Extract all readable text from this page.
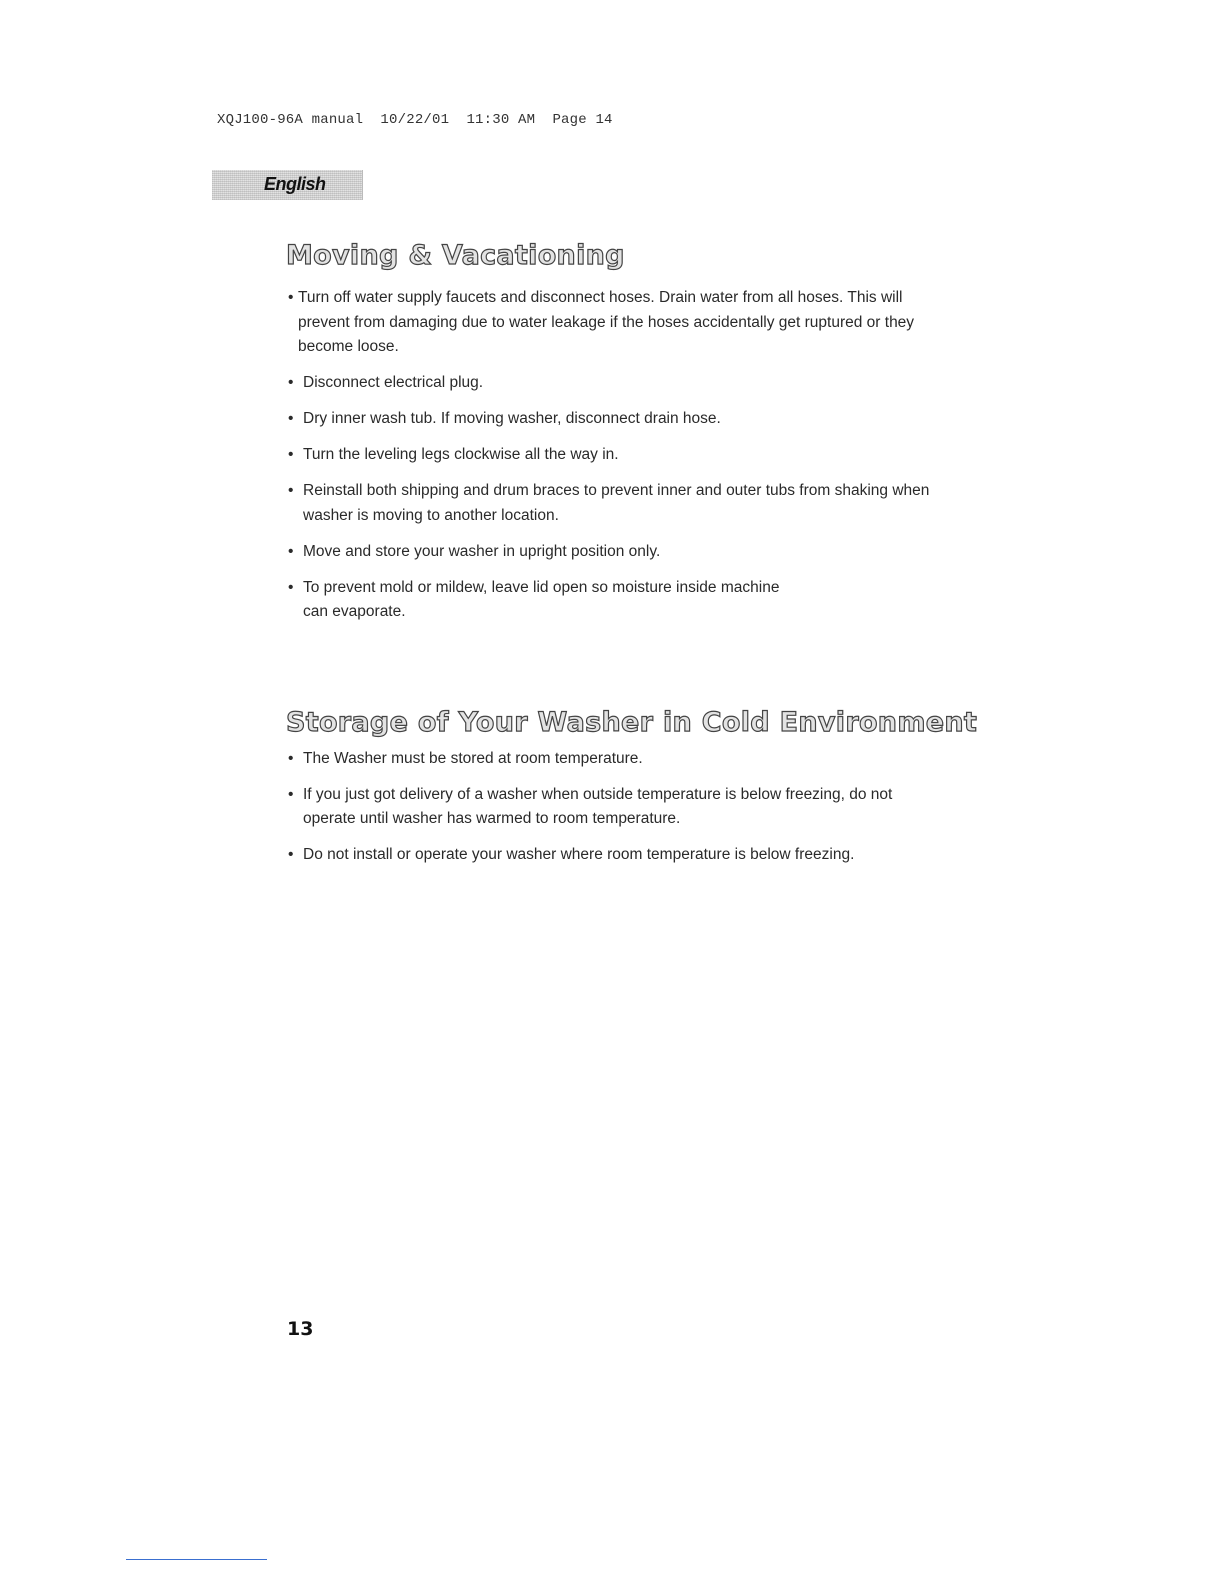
XQJ100-96A manual  10/22/01  11:30 AM  Page 14
English
Moving & Vacationing
• Turn off water supply faucets and disconnect hoses. Drain water from all hoses. This will prevent from damaging due to water leakage if the hoses accidentally get ruptured or they become loose.
• Disconnect electrical plug.
• Dry inner wash tub. If moving washer, disconnect drain hose.
• Turn the leveling legs clockwise all the way in.
• Reinstall both shipping and drum braces to prevent inner and outer tubs from shaking when washer is moving to another location.
• Move and store your washer in upright position only.
• To prevent mold or mildew, leave lid open so moisture inside machine can evaporate.
Storage of Your Washer in Cold Environment
• The Washer must be stored at room temperature.
• If you just got delivery of a washer when outside temperature is below freezing, do not operate until washer has warmed to room temperature.
• Do not install or operate your washer where room temperature is below freezing.
13
